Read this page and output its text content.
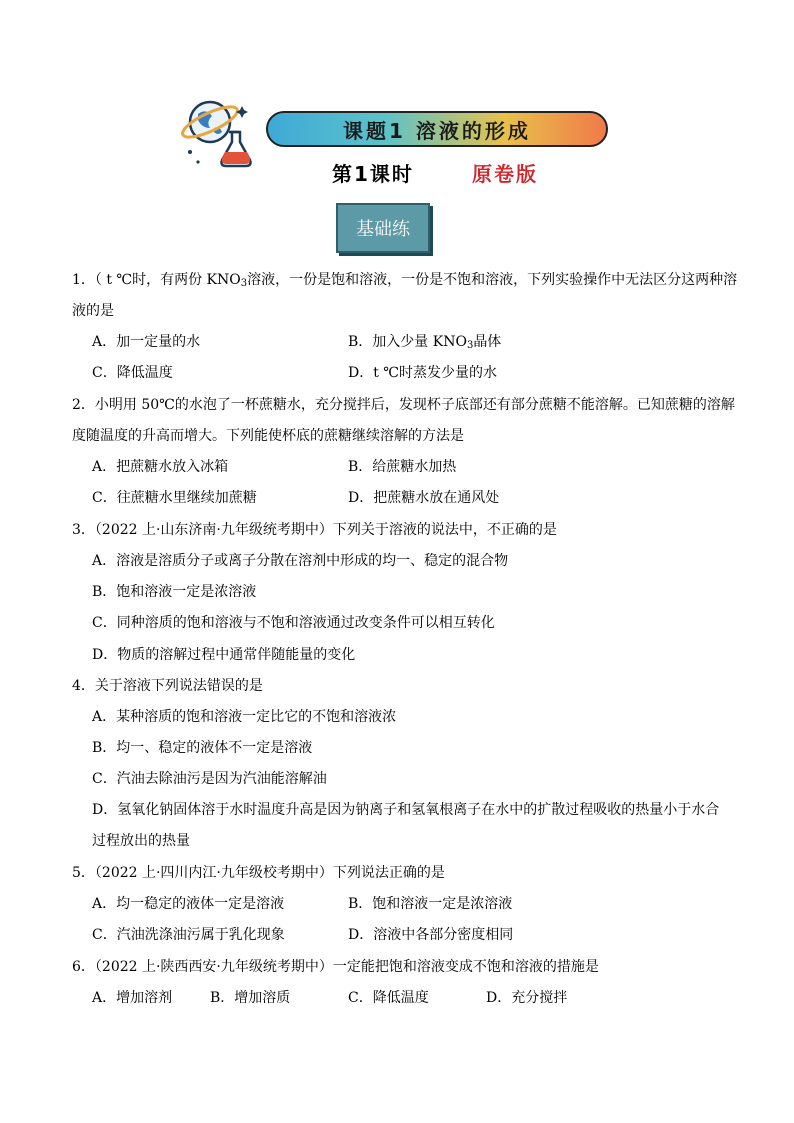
课题1 溶液的形成
第1课时	原卷版
基础练
1．（ t ℃时，有两份 $KNO_3$溶液，一份是饱和溶液，一份是不饱和溶液，下列实验操作中无法区分这两种溶
液的是
A．加一定量的水	B．加入少量 $KNO_3$晶体
C．降低温度	D．t ℃时蒸发少量的水
2．小明用 50℃的水泡了一杯蔗糖水，充分搅拌后，发现杯子底部还有部分蔗糖不能溶解。已知蔗糖的溶解
度随温度的升高而增大。下列能使杯底的蔗糖继续溶解的方法是
A．把蔗糖水放入冰箱	B．给蔗糖水加热
C．往蔗糖水里继续加蔗糖	D．把蔗糖水放在通风处
3．（2022 上·山东济南·九年级统考期中）下列关于溶液的说法中，不正确的是
A．溶液是溶质分子或离子分散在溶剂中形成的均一、稳定的混合物
B．饱和溶液一定是浓溶液
C．同种溶质的饱和溶液与不饱和溶液通过改变条件可以相互转化
D．物质的溶解过程中通常伴随能量的变化
4．关于溶液下列说法错误的是
A．某种溶质的饱和溶液一定比它的不饱和溶液浓
B．均一、稳定的液体不一定是溶液
C．汽油去除油污是因为汽油能溶解油
D．氢氧化钠固体溶于水时温度升高是因为钠离子和氢氧根离子在水中的扩散过程吸收的热量小于水合
过程放出的热量
5．（2022 上·四川内江·九年级校考期中）下列说法正确的是
A．均一稳定的液体一定是溶液	B．饱和溶液一定是浓溶液
C．汽油洗涤油污属于乳化现象	D．溶液中各部分密度相同
6．（2022 上·陕西西安·九年级统考期中）一定能把饱和溶液变成不饱和溶液的措施是
A．增加溶剂	B．增加溶质	C．降低温度	D．充分搅拌
